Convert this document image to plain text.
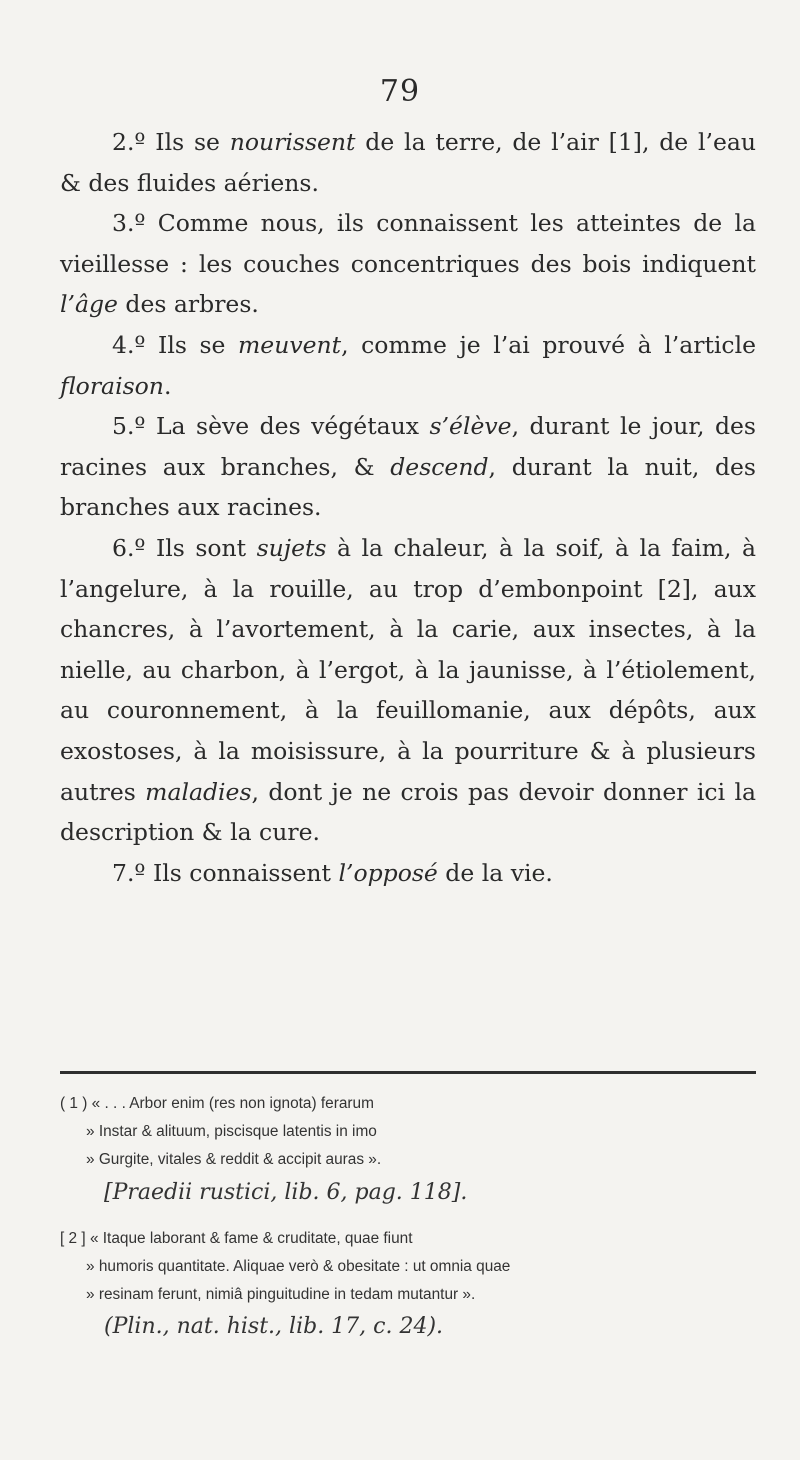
79

2.º Ils se nourissent de la terre, de l’air [1], de l’eau & des fluides aériens.

3.º Comme nous, ils connaissent les atteintes de la vieillesse : les couches concentriques des bois indiquent l’âge des arbres.

4.º Ils se meuvent, comme je l’ai prouvé à l’article floraison.

5.º La sève des végétaux s’élève, durant le jour, des racines aux branches, & descend, durant la nuit, des branches aux racines.

6.º Ils sont sujets à la chaleur, à la soif, à la faim, à l’angelure, à la rouille, au trop d’embonpoint [2], aux chancres, à l’avortement, à la carie, aux insectes, à la nielle, au charbon, à l’ergot, à la jaunisse, à l’étiolement, au couronnement, à la feuillomanie, aux dépôts, aux exostoses, à la moisissure, à la pourriture & à plusieurs autres maladies, dont je ne crois pas devoir donner ici la description & la cure.

7.º Ils connaissent l’opposé de la vie.

( 1 ) « . . . Arbor enim (res non ignota) ferarum
» Instar & alituum, piscisque latentis in imo
» Gurgite, vitales & reddit & accipit auras ».
[Praedii rustici, lib. 6, pag. 118].
[ 2 ] « Itaque laborant & fame & cruditate, quae fiunt
» humoris quantitate. Aliquae verò & obesitate : ut omnia quae
» resinam ferunt, nimiâ pinguitudine in tedam mutantur ».
(Plin., nat. hist., lib. 17, c. 24).
